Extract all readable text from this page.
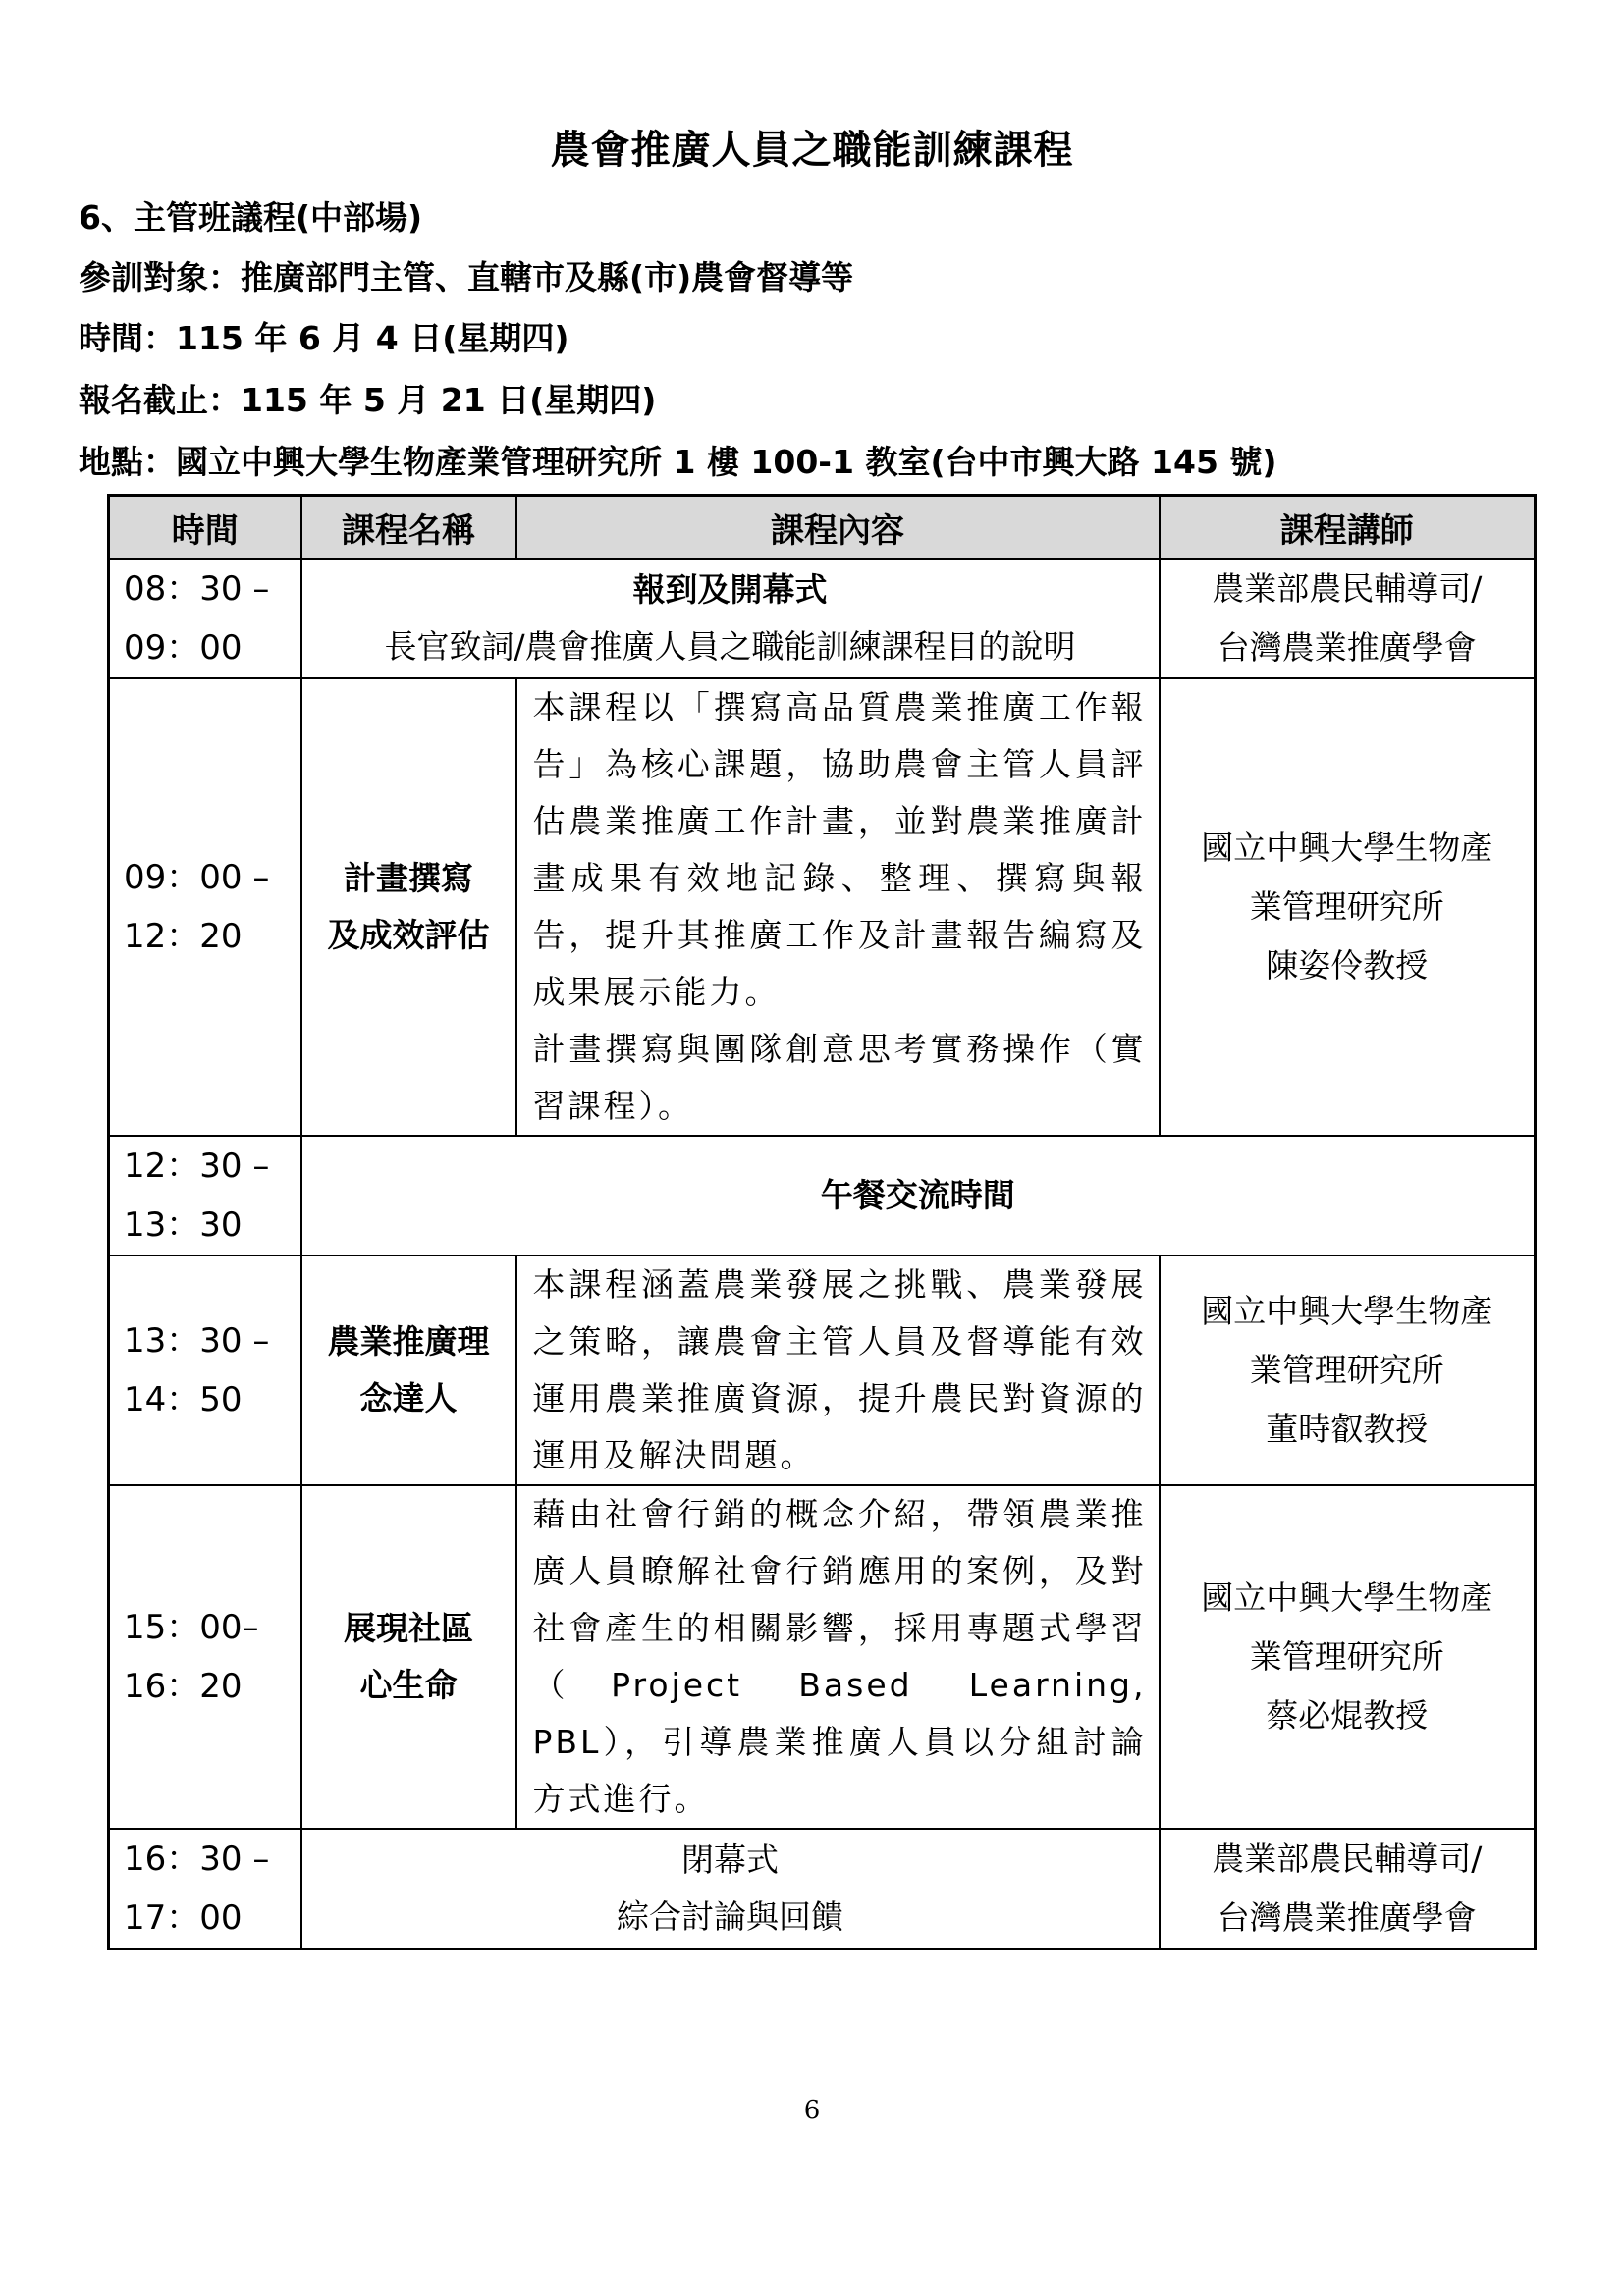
農會推廣人員之職能訓練課程
6、主管班議程(中部場)
參訓對象：推廣部門主管、直轄市及縣(市)農會督導等
時間：115 年 6 月 4 日(星期四)
報名截止：115 年 5 月 21 日(星期四)
地點：國立中興大學生物產業管理研究所 1 樓 100-1 教室(台中市興大路 145 號)
時間	課程名稱	課程內容	課程講師

08：30 –
09：00	報到及開幕式
長官致詞/農會推廣人員之職能訓練課程目的說明		農業部農民輔導司/
台灣農業推廣學會

09：00 –
12：20	計畫撰寫
及成效評估	本課程以「撰寫高品質農業推廣工作報告」為核心課題，協助農會主管人員評估農業推廣工作計畫，並對農業推廣計畫成果有效地記錄、整理、撰寫與報告，提升其推廣工作及計畫報告編寫及成果展示能力。
計畫撰寫與團隊創意思考實務操作（實習課程）。	國立中興大學生物產
業管理研究所
陳姿伶教授

12：30 –
13：30	午餐交流時間		

13：30 –
14：50	農業推廣理
念達人	本課程涵蓋農業發展之挑戰、農業發展之策略，讓農會主管人員及督導能有效運用農業推廣資源，提升農民對資源的運用及解決問題。	國立中興大學生物產
業管理研究所
董時叡教授

15：00–
16：20	展現社區
心生命	藉由社會行銷的概念介紹，帶領農業推廣人員瞭解社會行銷應用的案例，及對社會產生的相關影響，採用專題式學習（Project Based Learning, PBL），引導農業推廣人員以分組討論方式進行。	國立中興大學生物產
業管理研究所
蔡必焜教授

16：30 –
17：00	閉幕式
綜合討論與回饋		農業部農民輔導司/
台灣農業推廣學會
6
